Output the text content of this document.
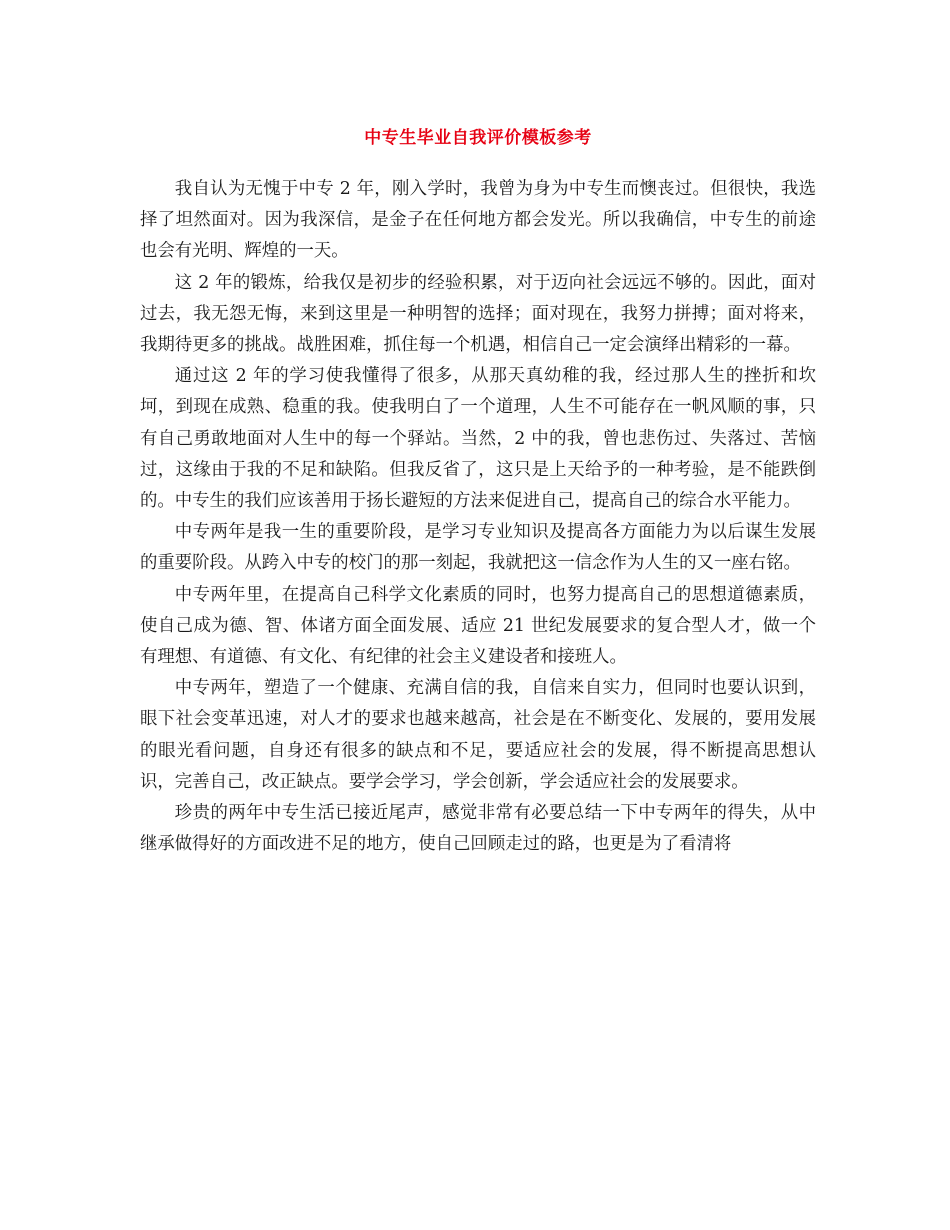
中专生毕业自我评价模板参考

我自认为无愧于中专 2 年，刚入学时，我曾为身为中专生而懊丧过。但很快，我选择了坦然面对。因为我深信，是金子在任何地方都会发光。所以我确信，中专生的前途也会有光明、辉煌的一天。

这 2 年的锻炼，给我仅是初步的经验积累，对于迈向社会远远不够的。因此，面对过去，我无怨无悔，来到这里是一种明智的选择；面对现在，我努力拼搏；面对将来，我期待更多的挑战。战胜困难，抓住每一个机遇，相信自己一定会演绎出精彩的一幕。

通过这 2 年的学习使我懂得了很多，从那天真幼稚的我，经过那人生的挫折和坎坷，到现在成熟、稳重的我。使我明白了一个道理，人生不可能存在一帆风顺的事，只有自己勇敢地面对人生中的每一个驿站。当然，2 中的我，曾也悲伤过、失落过、苦恼过，这缘由于我的不足和缺陷。但我反省了，这只是上天给予的一种考验，是不能跌倒的。中专生的我们应该善用于扬长避短的方法来促进自己，提高自己的综合水平能力。

中专两年是我一生的重要阶段，是学习专业知识及提高各方面能力为以后谋生发展的重要阶段。从跨入中专的校门的那一刻起，我就把这一信念作为人生的又一座右铭。

中专两年里，在提高自己科学文化素质的同时，也努力提高自己的思想道德素质，使自己成为德、智、体诸方面全面发展、适应 21 世纪发展要求的复合型人才，做一个有理想、有道德、有文化、有纪律的社会主义建设者和接班人。

中专两年，塑造了一个健康、充满自信的我，自信来自实力，但同时也要认识到，眼下社会变革迅速，对人才的要求也越来越高，社会是在不断变化、发展的，要用发展的眼光看问题，自身还有很多的缺点和不足，要适应社会的发展，得不断提高思想认识，完善自己，改正缺点。要学会学习，学会创新，学会适应社会的发展要求。

珍贵的两年中专生活已接近尾声，感觉非常有必要总结一下中专两年的得失，从中继承做得好的方面改进不足的地方，使自己回顾走过的路，也更是为了看清将
